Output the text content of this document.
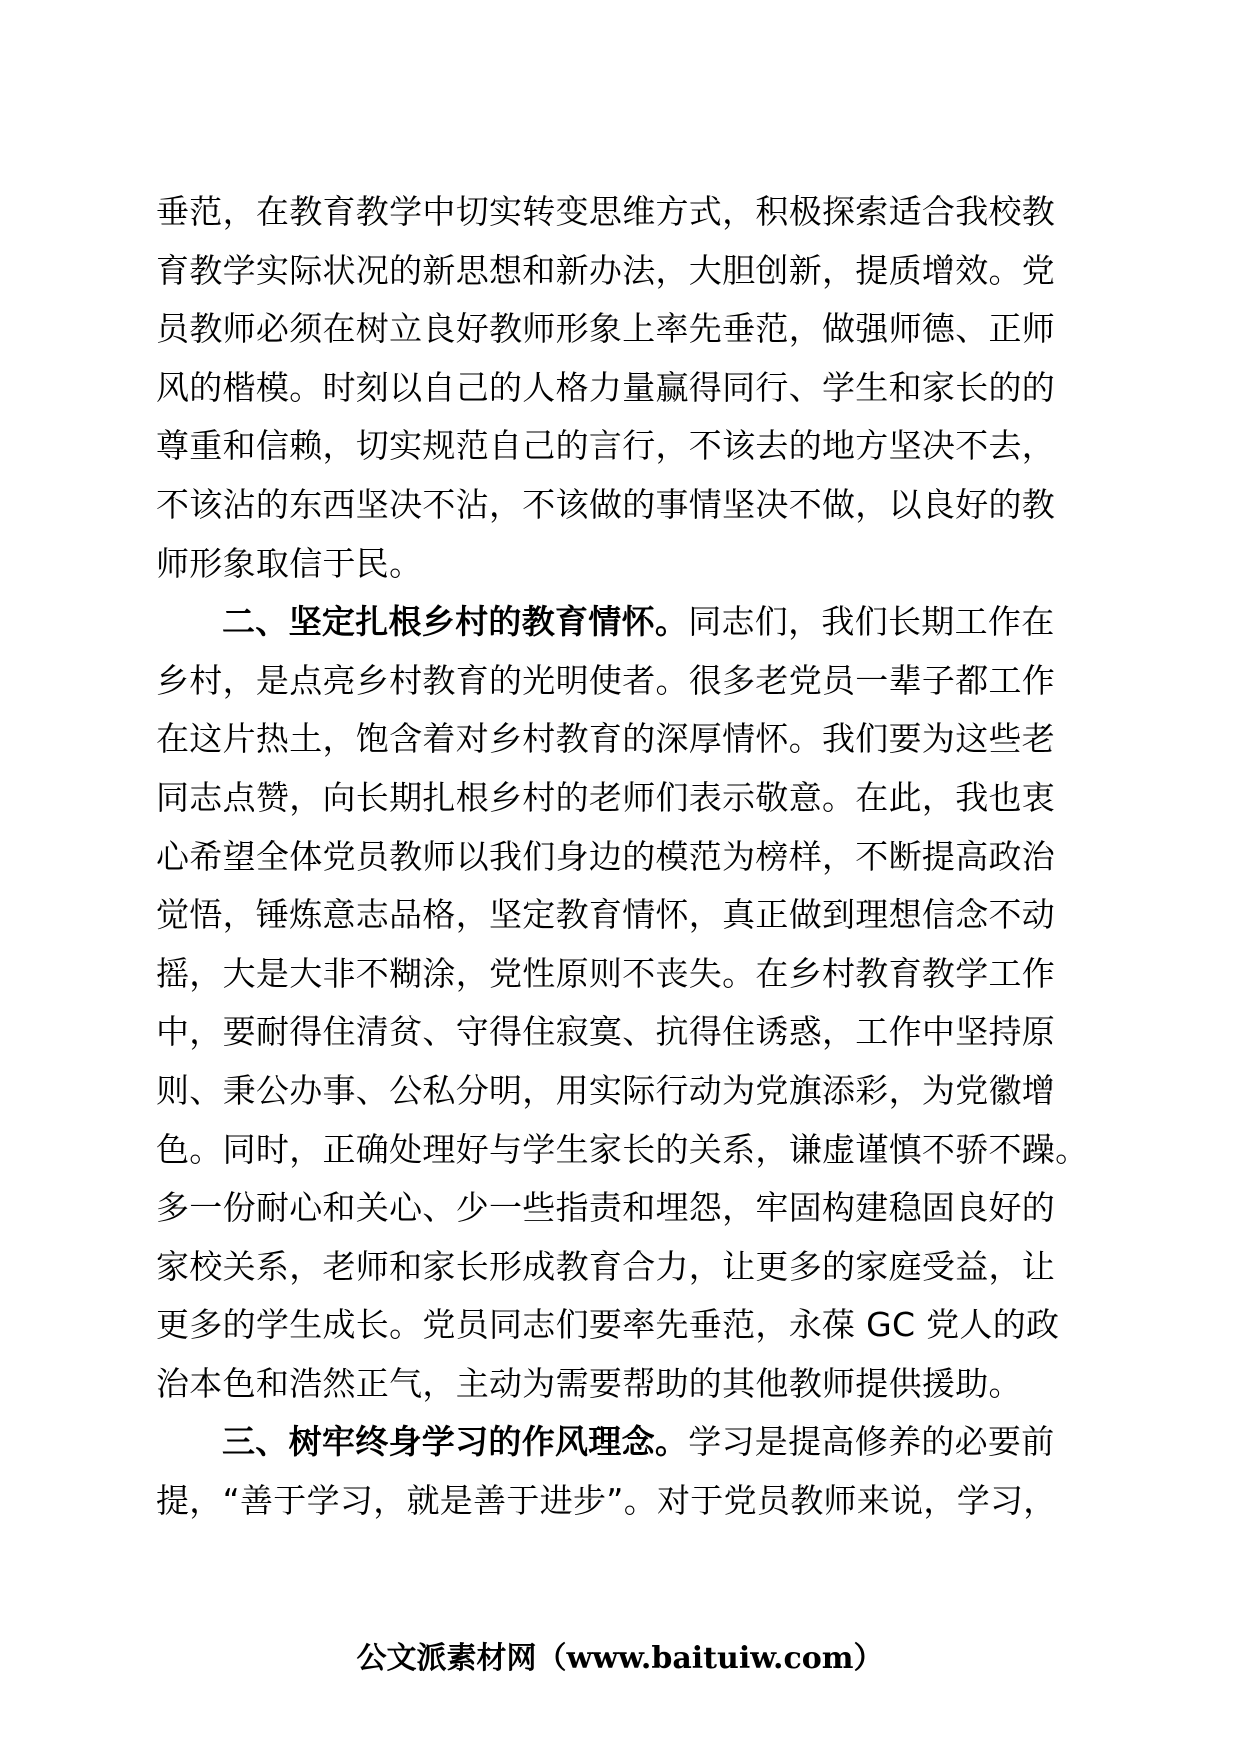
垂范，在教育教学中切实转变思维方式，积极探索适合我校教
育教学实际状况的新思想和新办法，大胆创新，提质增效。党
员教师必须在树立良好教师形象上率先垂范，做强师德、正师
风的楷模。时刻以自己的人格力量赢得同行、学生和家长的的
尊重和信赖，切实规范自己的言行，不该去的地方坚决不去，
不该沾的东西坚决不沾，不该做的事情坚决不做，以良好的教
师形象取信于民。
二、坚定扎根乡村的教育情怀。同志们，我们长期工作在
乡村，是点亮乡村教育的光明使者。很多老党员一辈子都工作
在这片热土，饱含着对乡村教育的深厚情怀。我们要为这些老
同志点赞，向长期扎根乡村的老师们表示敬意。在此，我也衷
心希望全体党员教师以我们身边的模范为榜样，不断提高政治
觉悟，锤炼意志品格，坚定教育情怀，真正做到理想信念不动
摇，大是大非不糊涂，党性原则不丧失。在乡村教育教学工作
中，要耐得住清贫、守得住寂寞、抗得住诱惑，工作中坚持原
则、秉公办事、公私分明，用实际行动为党旗添彩，为党徽增
色。同时，正确处理好与学生家长的关系，谦虚谨慎不骄不躁。
多一份耐心和关心、少一些指责和埋怨，牢固构建稳固良好的
家校关系，老师和家长形成教育合力，让更多的家庭受益，让
更多的学生成长。党员同志们要率先垂范，永葆 GC 党人的政
治本色和浩然正气，主动为需要帮助的其他教师提供援助。
三、树牢终身学习的作风理念。学习是提高修养的必要前
提，“善于学习，就是善于进步”。对于党员教师来说，学习，
公文派素材网（www.baituiw.com）
